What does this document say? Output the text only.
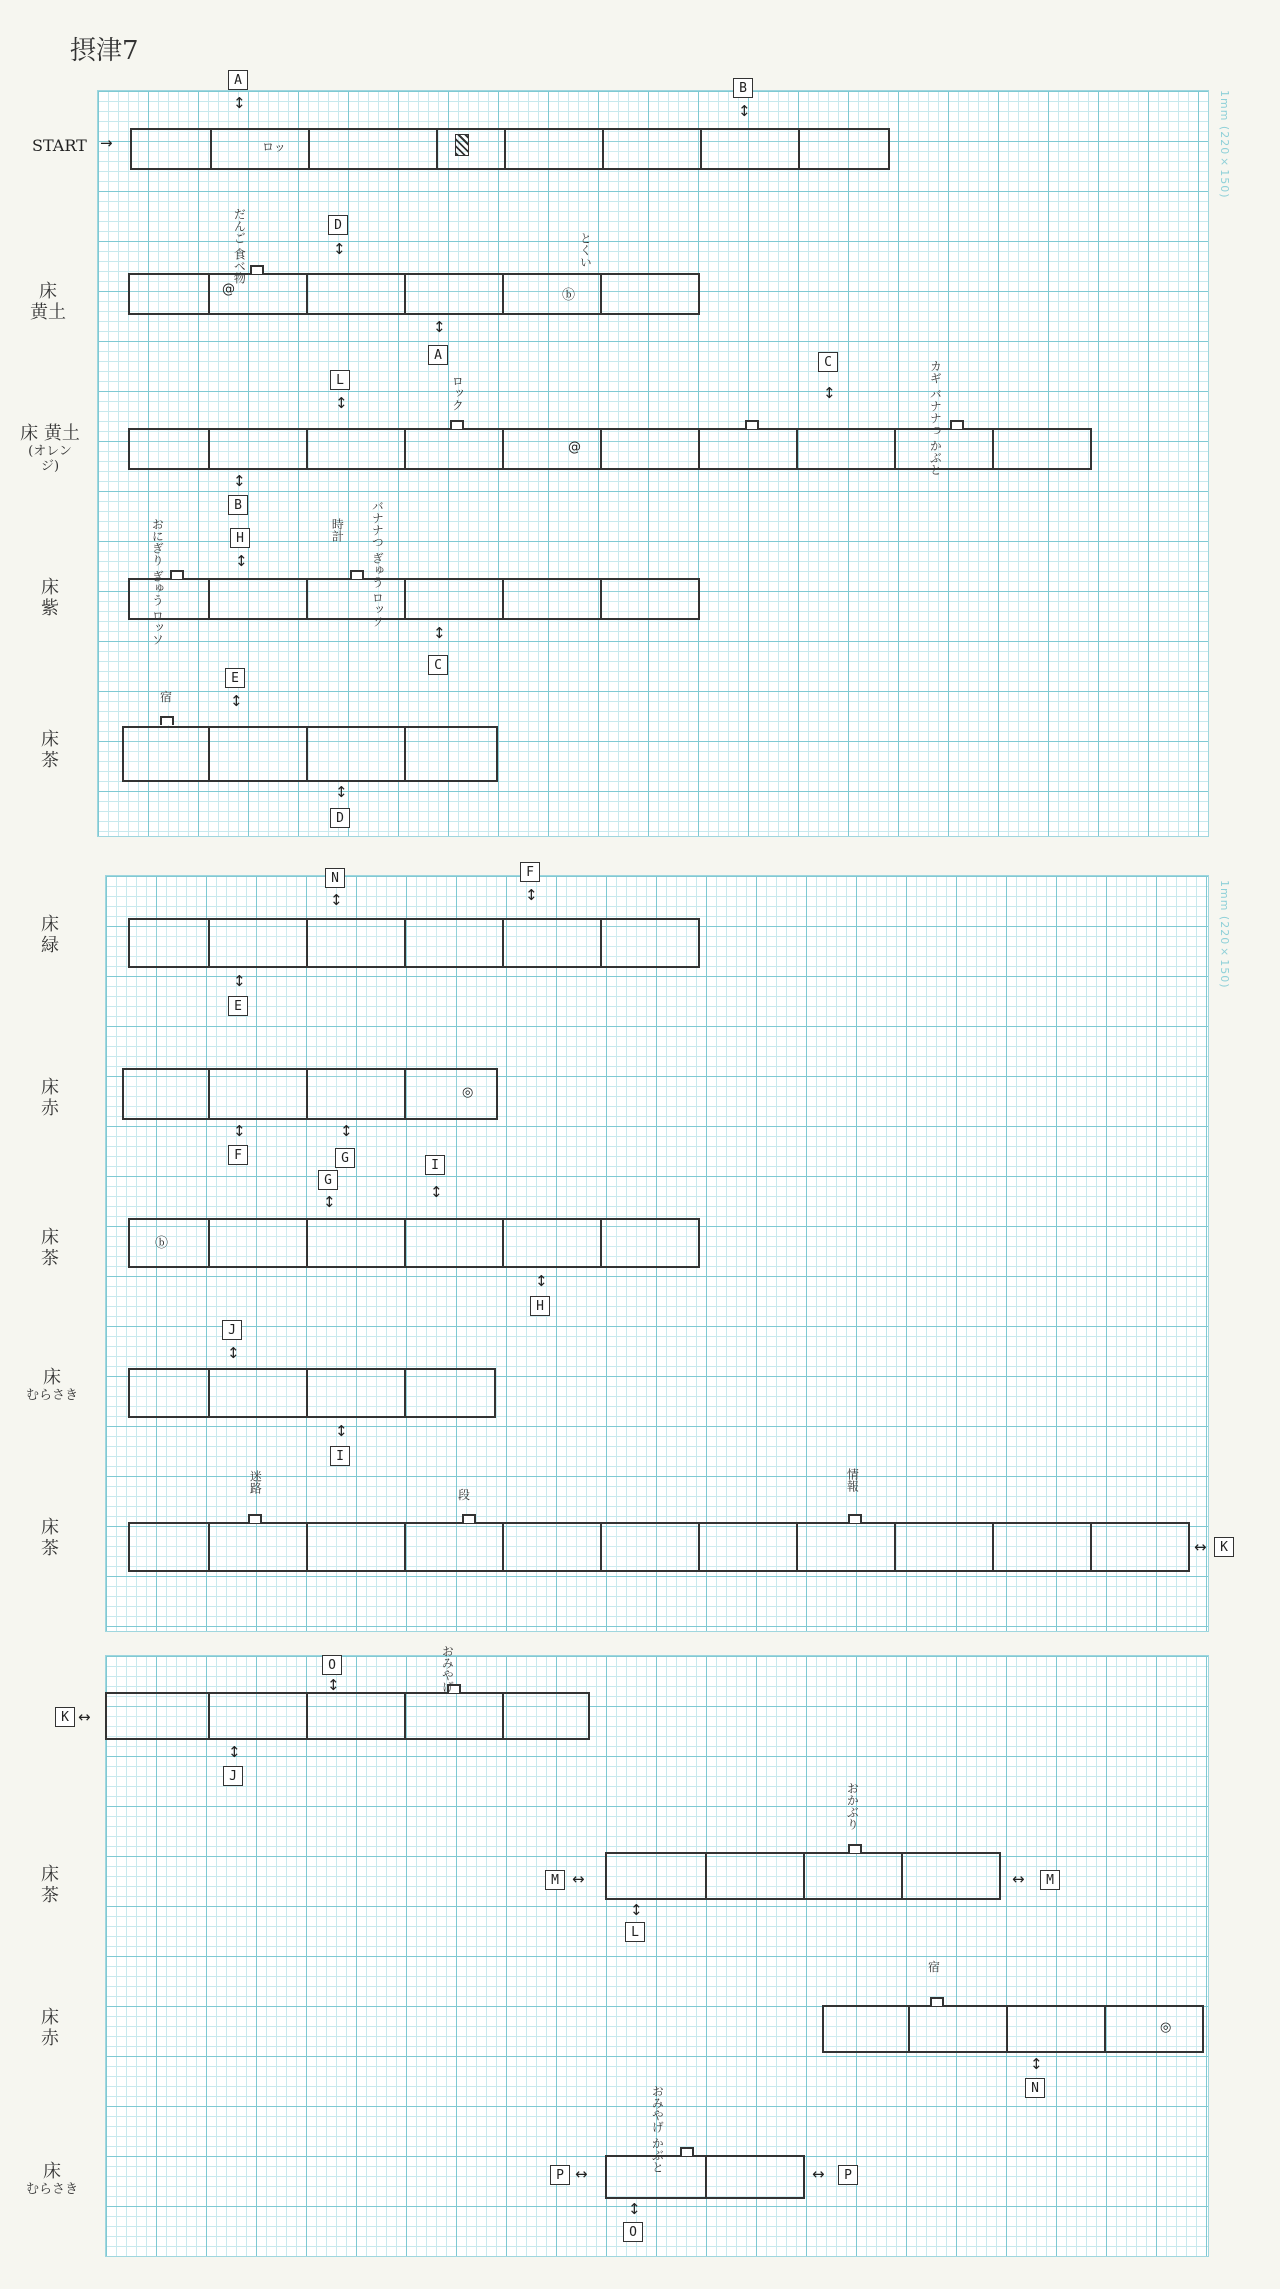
1mm (220×150)
1mm (220×150)
摂津7
START →	ロッ
A
↕
B
↕
床 黄土
だんご 食べ物	とくい
@	ⓑ
D
↕
↕
A
床 黄土
(オレンジ)
ロック	カギ バナナつ かぶと
@
L
↕
C
↕
↕
B
床 紫	おにぎり ぎゅう ロッソ	時計 バナナつ ぎゅう ロッソ
H
↕
↕
C
床 茶
宿
E
↕
↕
D
床 緑
N
↕
F
↕
↕
E
床 赤
◎
↕
F
↕
G
床 茶
ⓑ
G
↕
I
↕
↕
H
床
むらさき
J
↕
↕
I
床 茶
迷路
段
情報
↔	K
K ↔
おみやげ
O
↕
↕
J
床 茶
M ↔
おかぶり
↕
L
↔	M
床 赤
宿
◎
↕
N
床
むらさき
P ↔
おみやげ かぶと
↔	P
↕
O
